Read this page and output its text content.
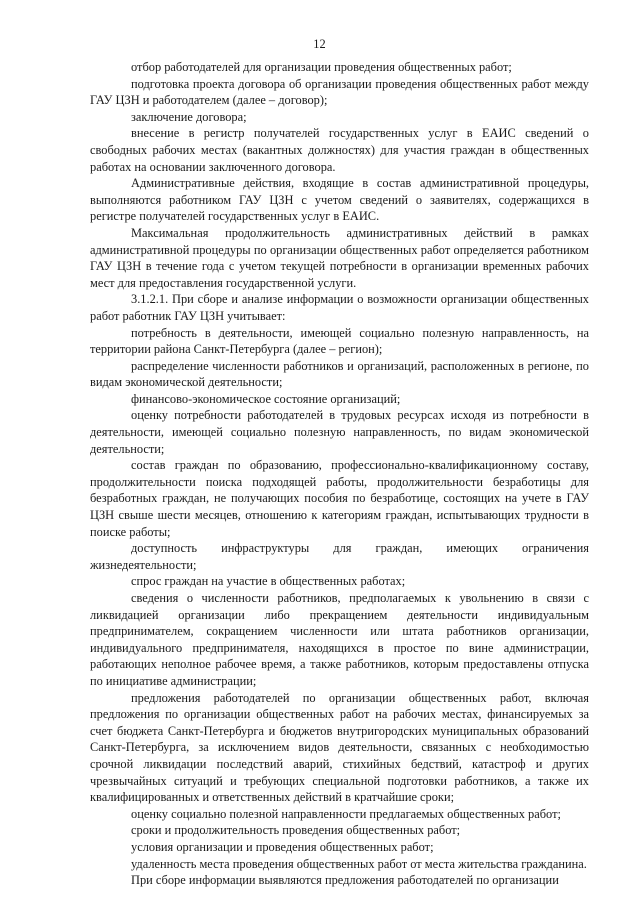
12

отбор работодателей для организации проведения общественных работ;

подготовка проекта договора об организации проведения общественных работ между ГАУ ЦЗН и работодателем (далее – договор);

заключение договора;

внесение в регистр получателей государственных услуг в ЕАИС сведений о свободных рабочих местах (вакантных должностях) для участия граждан в общественных работах на основании заключенного договора.

Административные действия, входящие в состав административной процедуры, выполняются работником ГАУ ЦЗН с учетом сведений о заявителях, содержащихся в регистре получателей государственных услуг в ЕАИС.

Максимальная продолжительность административных действий в рамках административной процедуры по организации общественных работ определяется работником ГАУ ЦЗН в течение года с учетом текущей потребности в организации временных рабочих мест для предоставления государственной услуги.

3.1.2.1. При сборе и анализе информации о возможности организации общественных работ работник ГАУ ЦЗН учитывает:

потребность в деятельности, имеющей социально полезную направленность, на территории района Санкт-Петербурга (далее – регион);

распределение численности работников и организаций, расположенных в регионе, по видам экономической деятельности;

финансово-экономическое состояние организаций;

оценку потребности работодателей в трудовых ресурсах исходя из потребности в деятельности, имеющей социально полезную направленность, по видам экономической деятельности;

состав граждан по образованию, профессионально-квалификационному составу, продолжительности поиска подходящей работы, продолжительности безработицы для безработных граждан, не получающих пособия по безработице, состоящих на учете в ГАУ ЦЗН свыше шести месяцев, отношению к категориям граждан, испытывающих трудности в поиске работы;

доступность инфраструктуры для граждан, имеющих ограничения жизнедеятельности;

спрос граждан на участие в общественных работах;

сведения о численности работников, предполагаемых к увольнению в связи с ликвидацией организации либо прекращением деятельности индивидуальным предпринимателем, сокращением численности или штата работников организации, индивидуального предпринимателя, находящихся в простое по вине администрации, работающих неполное рабочее время, а также работников, которым предоставлены отпуска по инициативе администрации;

предложения работодателей по организации общественных работ, включая предложения по организации общественных работ на рабочих местах, финансируемых за счет бюджета Санкт-Петербурга и бюджетов внутригородских муниципальных образований Санкт-Петербурга, за исключением видов деятельности, связанных с необходимостью срочной ликвидации последствий аварий, стихийных бедствий, катастроф и других чрезвычайных ситуаций и требующих специальной подготовки работников, а также их квалифицированных и ответственных действий в кратчайшие сроки;

оценку социально полезной направленности предлагаемых общественных работ;

сроки и продолжительность проведения общественных работ;

условия организации и проведения общественных работ;

удаленность места проведения общественных работ от места жительства гражданина.

При сборе информации выявляются предложения работодателей по организации
